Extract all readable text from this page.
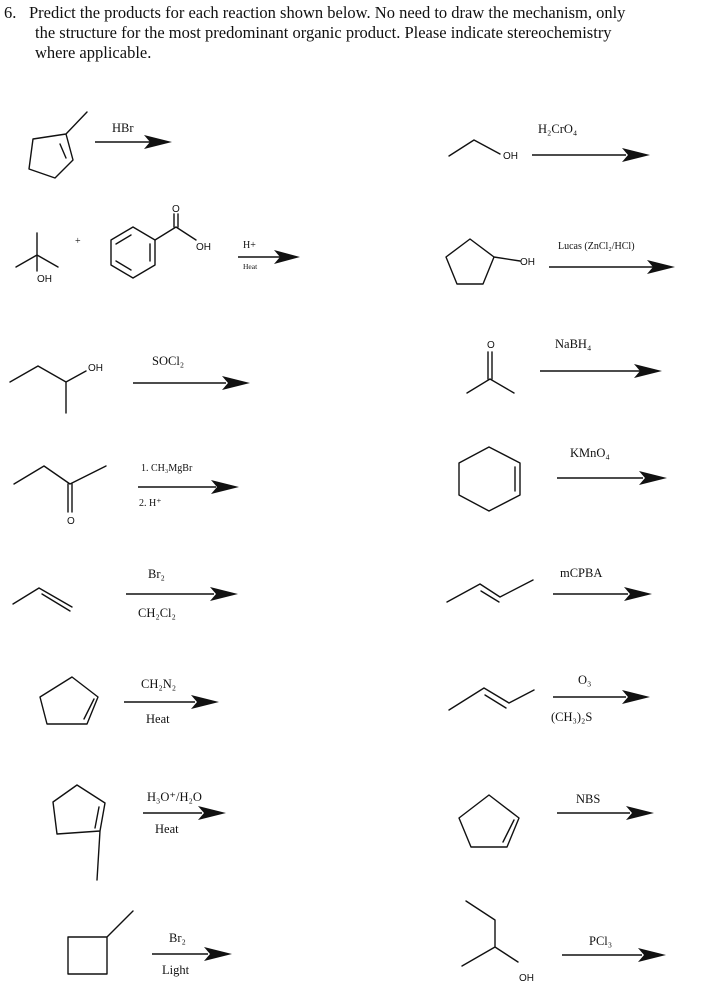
6. Predict the products for each reaction shown below. No need to draw the mechanism, only
the structure for the most predominant organic product. Please indicate stereochemistry
where applicable.
HBr
OH
H₂CrO₄
OH
+
O
OH	H+
Heat	OH
Lucas (ZnCl₂/HCl)
OH
SOCl₂
O	NaBH₄
O
1. CH₃MgBr
2. H⁺
KMnO₄
Br₂
CH₂Cl₂
mCPBA
CH₂N₂
Heat
O₃
(CH₃)₂S
H₃O⁺/H₂O
Heat
NBS
Br₂
Light
OH
PCl₃
